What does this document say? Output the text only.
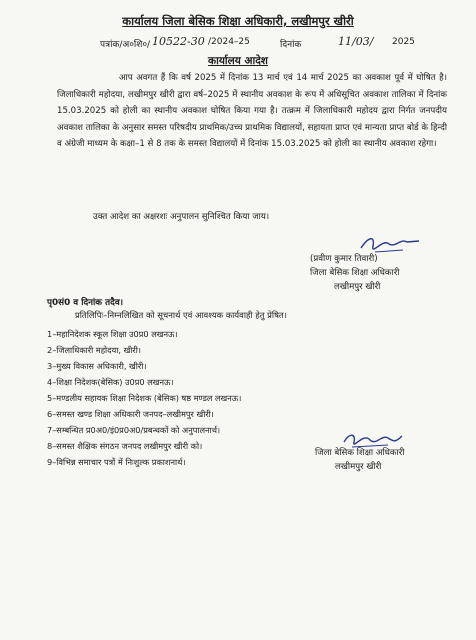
कार्यालय जिला बेसिक शिक्षा अधिकारी, लखीमपुर खीरी
पत्रांक/अ०शि०/ 10522-30 /2024–25	दिनांक	11/03/ 2025
कार्यालय आदेश
आप अवगत हैं कि वर्ष 2025 में दिनांक 13 मार्च एवं 14 मार्च 2025 का अवकाश पूर्व में घोषित है। जिलाधिकारी महोदया, लखीमपुर खीरी द्वारा वर्ष–2025 में स्थानीय अवकाश के रूप में अधिसूचित अवकाश तालिका में दिनांक 15.03.2025 को होली का स्थानीय अवकाश घोषित किया गया है। तत्क्रम में जिलाधिकारी महोदय द्वारा निर्गत जनपदीय अवकाश तालिका के अनुसार समस्त परिषदीय प्राथमिक/उच्च प्राथमिक विद्यालयों, सहायता प्राप्त एवं मान्यता प्राप्त बोर्ड के हिन्दी व अंग्रेजी माध्यम के कक्षा–1 से 8 तक के समस्त विद्यालयों में दिनांक 15.03.2025 को होली का स्थानीय अवकाश रहेगा।
उक्त आदेश का अक्षरशः अनुपालन सुनिश्चित किया जाय।
(प्रवीण कुमार तिवारी)
जिला बेसिक शिक्षा अधिकारी
लखीमपुर खीरी
पृ0सं0 व दिनांक तदैव।
प्रतिलिपिः–निम्नलिखित को सूचनार्थ एवं आवश्यक कार्यवाही हेतु प्रेषित।
1–महानिदेशक स्कूल शिक्षा उ0प्र0 लखनऊ।
2–जिलाधिकारी महोदया, खीरी।
3–मुख्य विकास अधिकारी, खीरी।
4–शिक्षा निदेशक(बेसिक) उ0प्र0 लखनऊ।
5–मण्डलीय सहायक शिक्षा निदेशक (बेसिक) षष्ठ मण्डल लखनऊ।
6–समस्त खण्ड शिक्षा अधिकारी जनपद–लखीमपुर खीरी।
7–सम्बन्धित प्र0अ0/इं0प्र0अ0/प्रबन्धकों को अनुपालनार्थ।
8–समस्त शैक्षिक संगठन जनपद लखीमपुर खीरी को।
9–विभिन्न समाचार पत्रों में निःशुल्क प्रकाशनार्थ।
जिला बेसिक शिक्षा अधिकारी
लखीमपुर खीरी
